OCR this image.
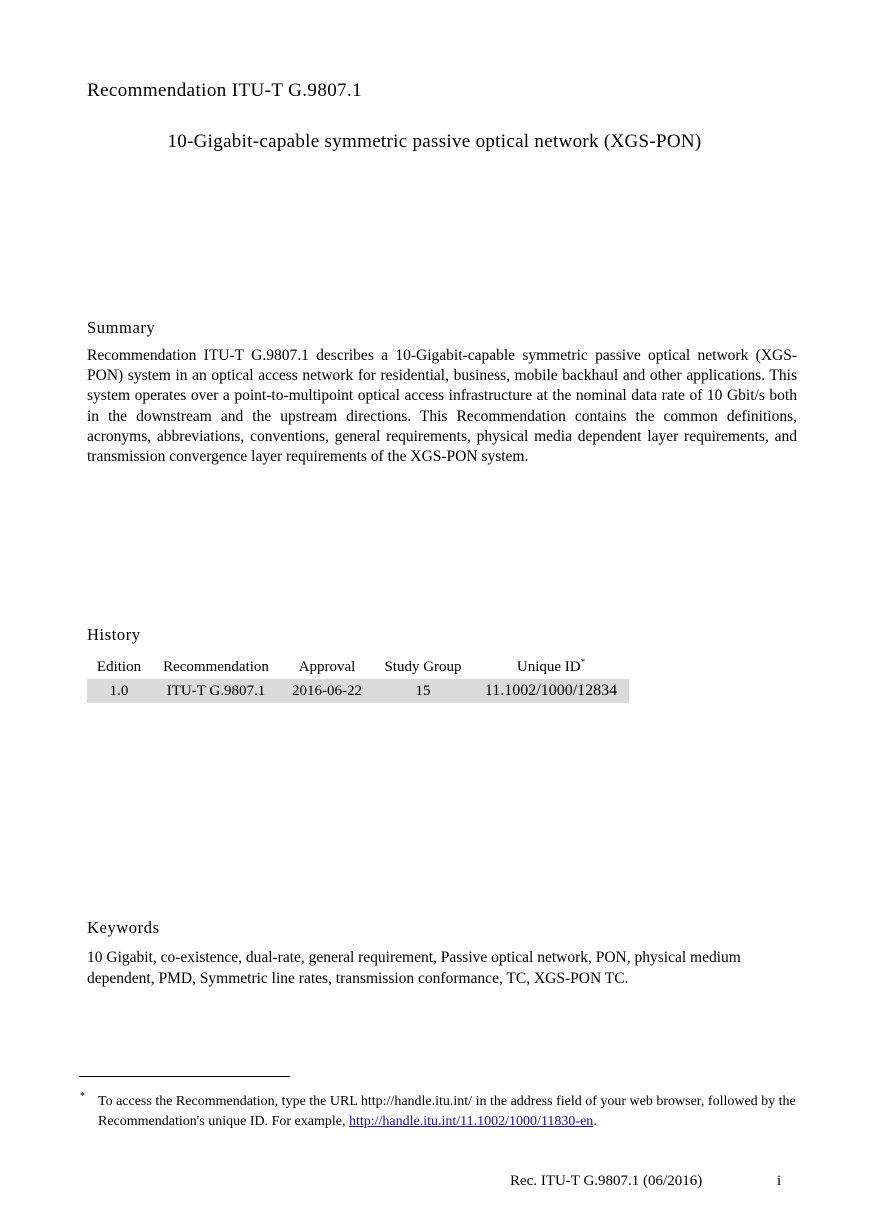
Recommendation ITU-T G.9807.1
10-Gigabit-capable symmetric passive optical network (XGS-PON)
Summary
Recommendation ITU-T G.9807.1 describes a 10-Gigabit-capable symmetric passive optical network (XGS-PON) system in an optical access network for residential, business, mobile backhaul and other applications. This system operates over a point-to-multipoint optical access infrastructure at the nominal data rate of 10 Gbit/s both in the downstream and the upstream directions. This Recommendation contains the common definitions, acronyms, abbreviations, conventions, general requirements, physical media dependent layer requirements, and transmission convergence layer requirements of the XGS-PON system.
History
Edition	Recommendation	Approval	Study Group	Unique ID*
1.0	ITU-T G.9807.1	2016-06-22	15	11.1002/1000/12834
Keywords
10 Gigabit, co-existence, dual-rate, general requirement, Passive optical network, PON, physical medium dependent, PMD, Symmetric line rates, transmission conformance, TC, XGS-PON TC.
* To access the Recommendation, type the URL http://handle.itu.int/ in the address field of your web browser, followed by the Recommendation's unique ID. For example, http://handle.itu.int/11.1002/1000/11830-en.
Rec. ITU-T G.9807.1 (06/2016)	i
